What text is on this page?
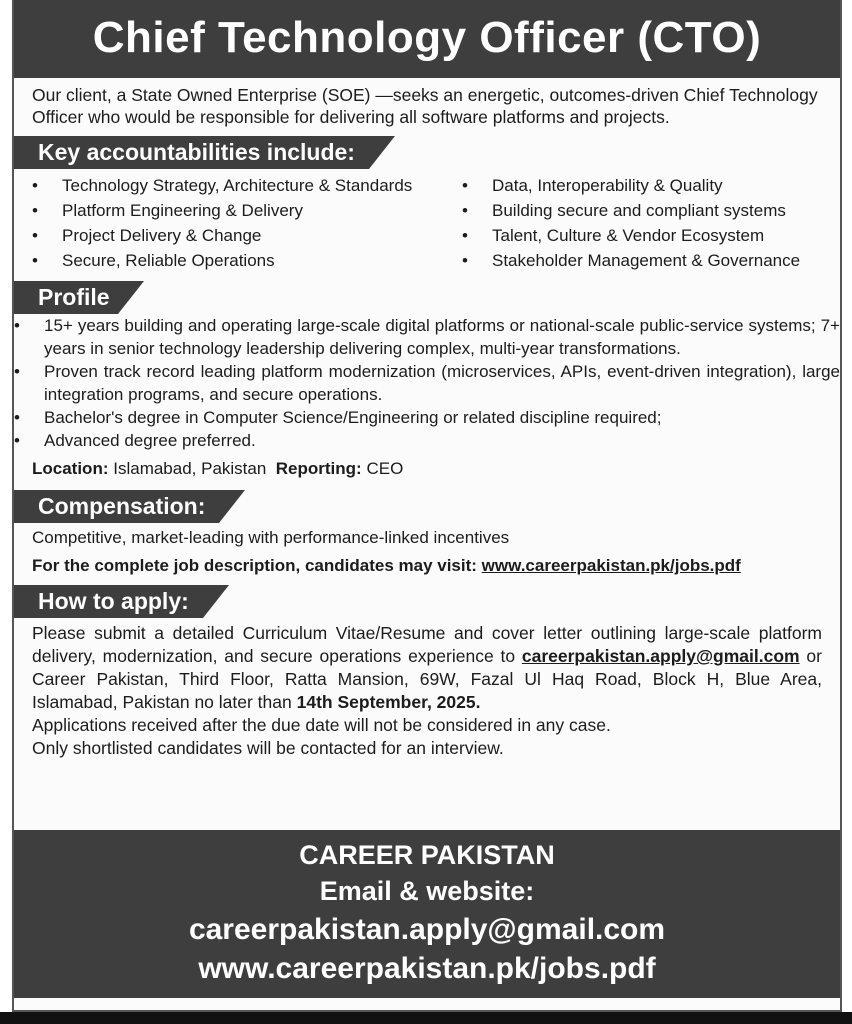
Chief Technology Officer (CTO)
Our client, a State Owned Enterprise (SOE) —seeks an energetic, outcomes-driven Chief Technology Officer who would be responsible for delivering all software platforms and projects.
Key accountabilities include:
• Technology Strategy, Architecture & Standards
• Platform Engineering & Delivery
• Project Delivery & Change
• Secure, Reliable Operations
• Data, Interoperability & Quality
• Building secure and compliant systems
• Talent, Culture & Vendor Ecosystem
• Stakeholder Management & Governance
Profile
• 15+ years building and operating large-scale digital platforms or national-scale public-service systems; 7+ years in senior technology leadership delivering complex, multi-year transformations.
• Proven track record leading platform modernization (microservices, APIs, event-driven integration), large integration programs, and secure operations.
• Bachelor's degree in Computer Science/Engineering or related discipline required;
• Advanced degree preferred.
Location: Islamabad, Pakistan Reporting: CEO
Compensation:
Competitive, market-leading with performance-linked incentives
For the complete job description, candidates may visit: www.careerpakistan.pk/jobs.pdf
How to apply:
Please submit a detailed Curriculum Vitae/Resume and cover letter outlining large-scale platform delivery, modernization, and secure operations experience to careerpakistan.apply@gmail.com or Career Pakistan, Third Floor, Ratta Mansion, 69W, Fazal Ul Haq Road, Block H, Blue Area, Islamabad, Pakistan no later than 14th September, 2025.
Applications received after the due date will not be considered in any case.
Only shortlisted candidates will be contacted for an interview.
CAREER PAKISTAN
Email & website:
careerpakistan.apply@gmail.com
www.careerpakistan.pk/jobs.pdf
